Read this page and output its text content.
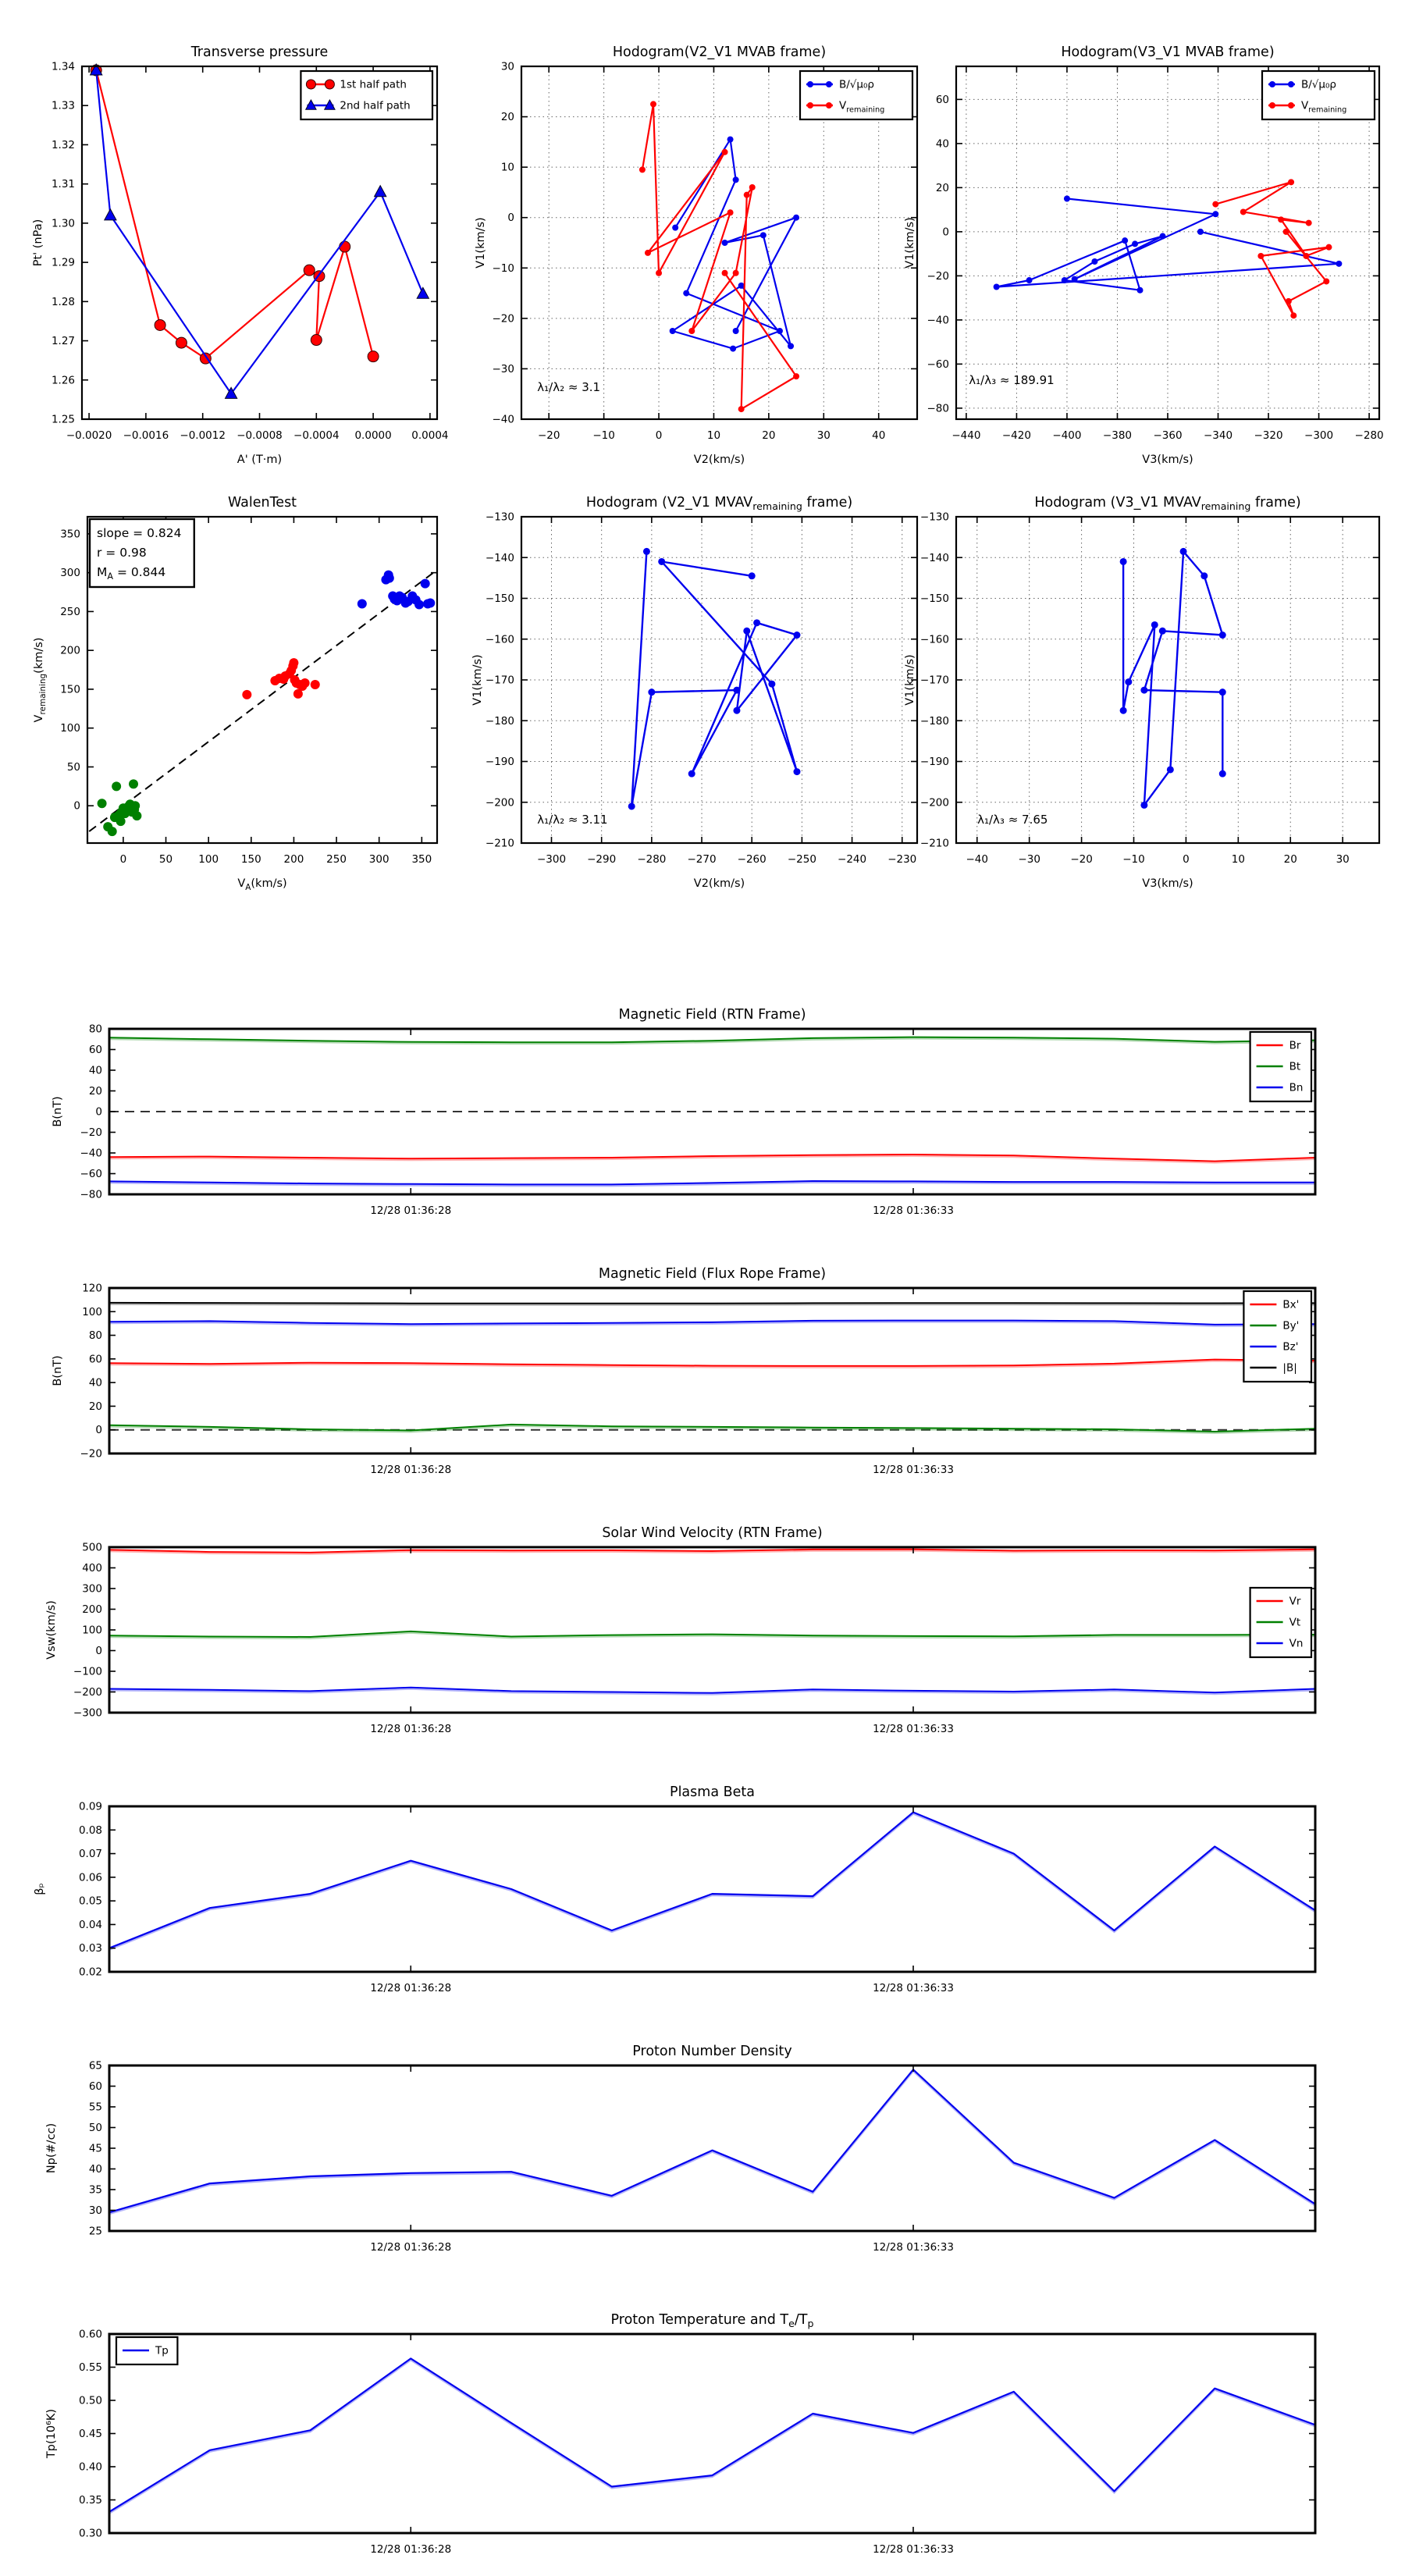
−0.0020 −0.0016 −0.0012 −0.0008 −0.0004 0.0000 0.0004
1.25
1.26
1.27
1.28
1.29
1.30
1.31
1.32
1.33
1.34
Transverse pressure
A' (T·m)
Pt' (nPa)
1st half path
2nd half path
−20	−10	0	10	20	30	40
−40
−30
−20
−10
0
10
20
30
Hodogram(V2_V1 MVAB frame)
V2(km/s)
V1(km/s)
λ₁/λ₂ ≈ 3.1
B/√μ₀ρ
$V_{remaining}$
−440 −420 −400 −380 −360 −340 −320 −300 −280
−80
−60
−40
−20
0
20
40
60
Hodogram(V3_V1 MVAB frame)
V3(km/s)
V1(km/s)
λ₁/λ₃ ≈ 189.91
B/√μ₀ρ
$V_{remaining}$
0	50 100 150 200 250 300 350
0
50
100
150
200
250
300
350
WalenTest
$V_A(km/s)$
$V_{remaining}(km/s)$
slope = 0.824
r = 0.98
$M_A = 0.844$
−300 −290 −280 −270 −260 −250 −240 −230
−210
−200
−190
−180
−170
−160
−150
−140
−130
Hodogram (V2_V1 $MVAV_{remaining}$ frame)
V2(km/s)
V1(km/s)
λ₁/λ₂ ≈ 3.11
−40	−30	−20	−10	0	10	20	30
−210
−200
−190
−180
−170
−160
−150
−140
−130
Hodogram (V3_V1 $MVAV_{remaining}$ frame)
V3(km/s)
V1(km/s)
λ₁/λ₃ ≈ 7.65
12/28 01:36:28	12/28 01:36:33
−80
−60
−40
−20
0
20
40
60
80
Magnetic Field (RTN Frame)
B(nT)
Br
Bt
Bn
12/28 01:36:28	12/28 01:36:33
−20
0
20
40
60
80
100
120
Magnetic Field (Flux Rope Frame)
B(nT)
Bx'
By'
Bz'
|B|
12/28 01:36:28	12/28 01:36:33
−300
−200
−100
0
100
200
300
400
500
Solar Wind Velocity (RTN Frame)
Vsw(km/s)	Vr
Vt
Vn
12/28 01:36:28	12/28 01:36:33
0.02
0.03
0.04
0.05
0.06
0.07
0.08
0.09
Plasma Beta
βₚ
12/28 01:36:28	12/28 01:36:33
25
30
35
40
45
50
55
60
65
Proton Number Density
Np(#/cc)
12/28 01:36:28	12/28 01:36:33
0.30
0.35
0.40
0.45
0.50
0.55
0.60
Proton Temperature and $T_e/T_p$
Tp(10⁶K)
Tp
